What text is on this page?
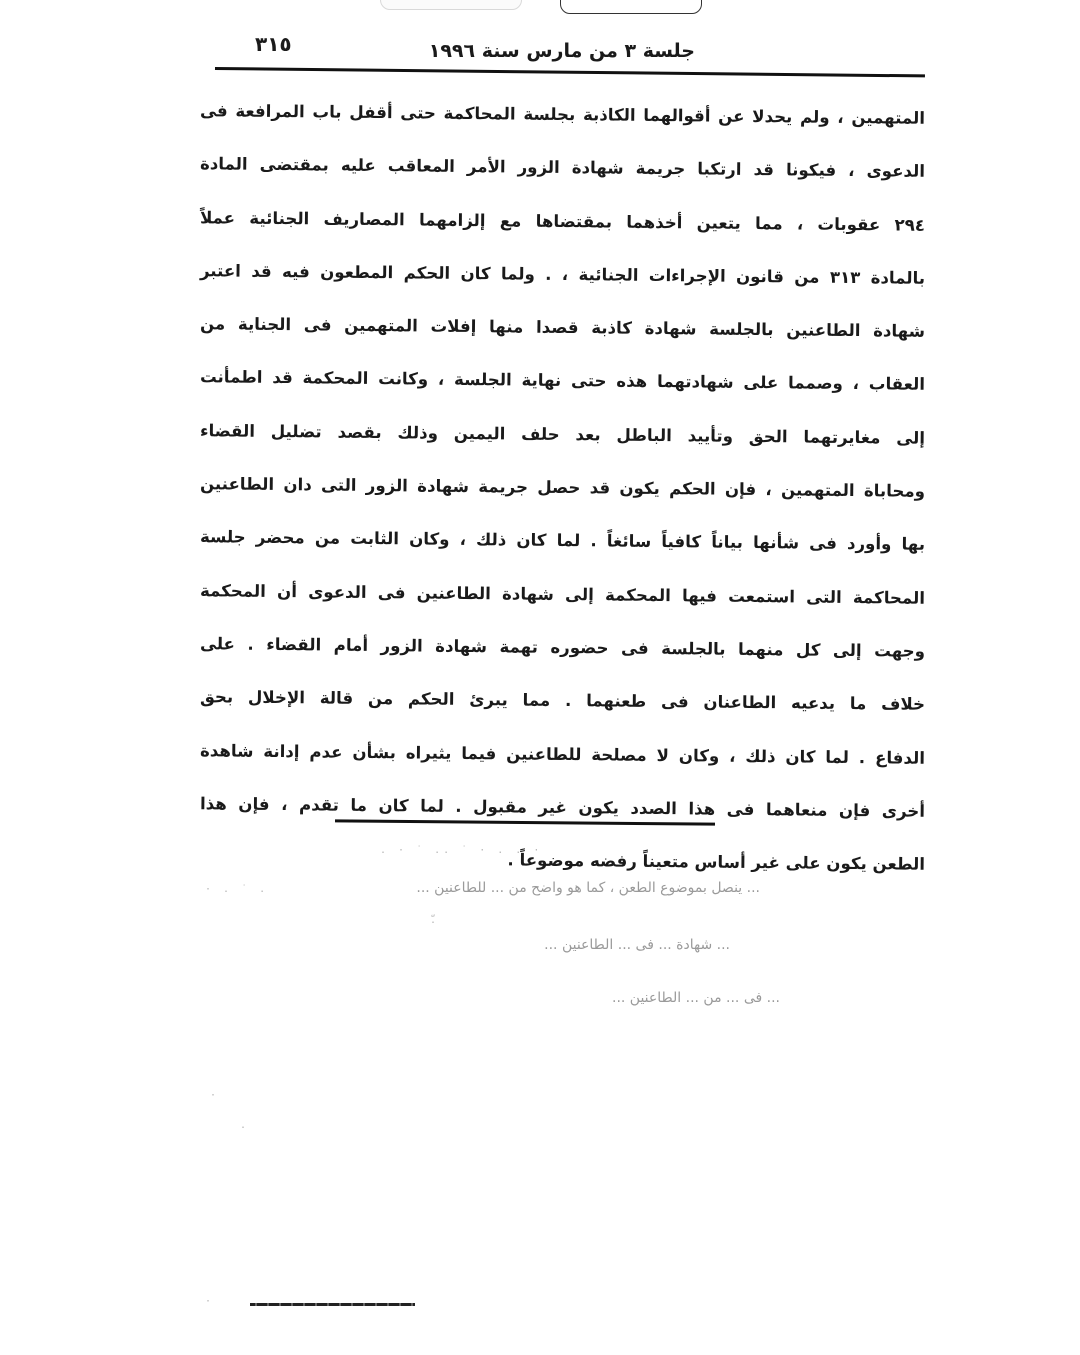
جلسة ٣ من مارس سنة ١٩٩٦
٣١٥
المتهمين ، ولم يحدلا عن أقوالهما الكاذبة بجلسة المحاكمة حتى أقفل باب المرافعة فى
الدعوى ، فيكونا قد ارتكبا جريمة شهادة الزور الأمر المعاقب عليه بمقتضى المادة
٢٩٤ عقوبات ، مما يتعين أخذهما بمقتضاها مع إلزامهما المصاريف الجنائية عملاً
بالمادة ٣١٣ من قانون الإجراءات الجنائية ، . ولما كان الحكم المطعون فيه قد اعتبر
شهادة الطاعنين بالجلسة شهادة كاذبة قصدا منها إفلات المتهمين فى الجناية من
العقاب ، وصمما على شهادتهما هذه حتى نهاية الجلسة ، وكانت المحكمة قد اطمأنت
إلى مغايرتهما الحق وتأييد الباطل بعد حلف اليمين وذلك بقصد تضليل القضاء
ومحاباة المتهمين ، فإن الحكم يكون قد حصل جريمة شهادة الزور التى دان الطاعنين
بها وأورد فى شأنها بياناً كافياً سائغاً . لما كان ذلك ، وكان الثابت من محضر جلسة
المحاكمة التى استمعت فيها المحكمة إلى شهادة الطاعنين فى الدعوى أن المحكمة
وجهت إلى كل منهما بالجلسة فى حضوره تهمة شهادة الزور أمام القضاء . على
خلاف ما يدعيه الطاعنان فى طعنهما . مما يبرئ الحكم من قالة الإخلال بحق
الدفاع . لما كان ذلك ، وكان لا مصلحة للطاعنين فيما يثيراه بشأن عدم إدانة شاهدة
أخرى فإن منعاهما فى هذا الصدد يكون غير مقبول . لما كان ما تقدم ، فإن هذا
الطعن يكون على غير أساس متعيناً رفضه موضوعاً .
. · ˙ .. ˙ · . . ·
... ينصل بموضوع الطعن ، كما هو واضح من ... للطاعنين ...
· . ˙ .
... شهادة ... فى ... الطاعنين ...
.ّ
... فى ... من ... الطاعنين ...
·
.
·
